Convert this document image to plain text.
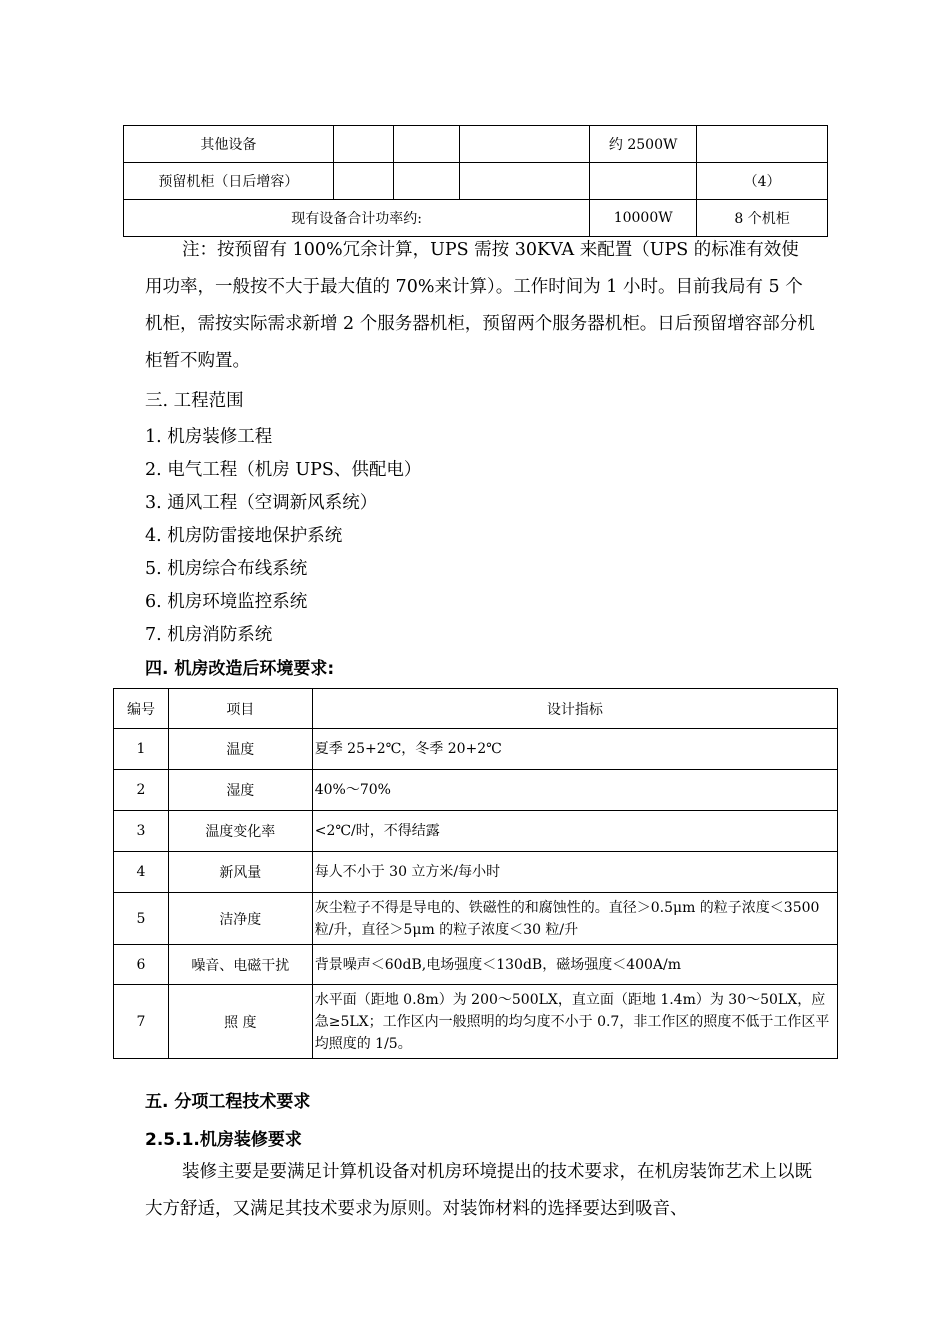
其他设备				约 2500W	
预留机柜（日后增容）					（4）
现有设备合计功率约:				10000W	8 个机柜

注：按预留有 100%冗余计算，UPS 需按 30KVA 来配置（UPS 的标准有效使用功率，一般按不大于最大值的 70%来计算）。工作时间为 1 小时。目前我局有 5 个机柜，需按实际需求新增 2 个服务器机柜，预留两个服务器机柜。日后预留增容部分机柜暂不购置。

三. 工程范围
1. 机房装修工程
2. 电气工程（机房 UPS、供配电）
3. 通风工程（空调新风系统）
4. 机房防雷接地保护系统
5. 机房综合布线系统
6. 机房环境监控系统
7. 机房消防系统
四. 机房改造后环境要求:
编号	项目	设计指标
1	温度	夏季 25+2℃，冬季 20+2℃
2	湿度	40%～70%
3	温度变化率	<2℃/时，不得结露
4	新风量	每人不小于 30 立方米/每小时
5	洁净度	灰尘粒子不得是导电的、铁磁性的和腐蚀性的。直径＞0.5μm 的粒子浓度＜3500 粒/升，直径＞5μm 的粒子浓度＜30 粒/升
6	噪音、电磁干扰	背景噪声＜60dB,电场强度＜130dB，磁场强度＜400A/m
7	照 度	水平面（距地 0.8m）为 200～500LX，直立面（距地 1.4m）为 30～50LX，应急≥5LX；工作区内一般照明的均匀度不小于 0.7，非工作区的照度不低于工作区平均照度的 1/5。
五. 分项工程技术要求
2.5.1.机房装修要求

装修主要是要满足计算机设备对机房环境提出的技术要求，在机房装饰艺术上以既大方舒适，又满足其技术要求为原则。对装饰材料的选择要达到吸音、
